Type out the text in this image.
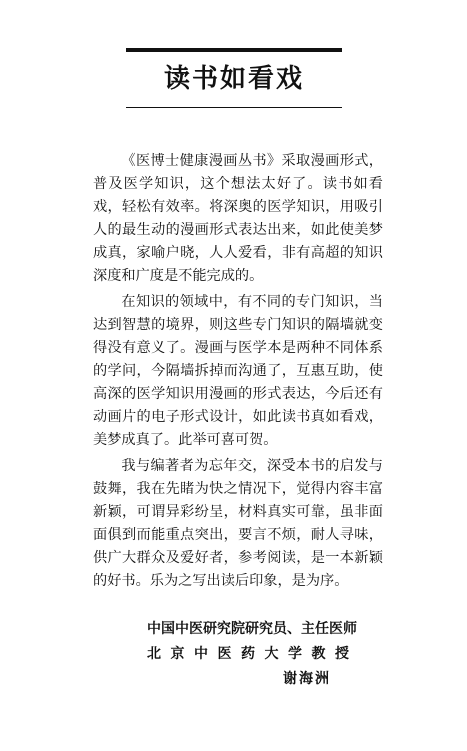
读书如看戏

《医博士健康漫画丛书》采取漫画形式，普及医学知识，这个想法太好了。读书如看戏，轻松有效率。将深奥的医学知识，用吸引人的最生动的漫画形式表达出来，如此使美梦成真，家喻户晓，人人爱看，非有高超的知识深度和广度是不能完成的。

在知识的领域中，有不同的专门知识，当达到智慧的境界，则这些专门知识的隔墙就变得没有意义了。漫画与医学本是两种不同体系的学问，今隔墙拆掉而沟通了，互惠互助，使高深的医学知识用漫画的形式表达，今后还有动画片的电子形式设计，如此读书真如看戏，美梦成真了。此举可喜可贺。

我与编著者为忘年交，深受本书的启发与鼓舞，我在先睹为快之情况下，觉得内容丰富新颖，可谓异彩纷呈，材料真实可靠，虽非面面俱到而能重点突出，要言不烦，耐人寻味，供广大群众及爱好者，参考阅读，是一本新颖的好书。乐为之写出读后印象，是为序。

中国中医研究院研究员、主任医师
北京中医药大学教授
谢海洲
